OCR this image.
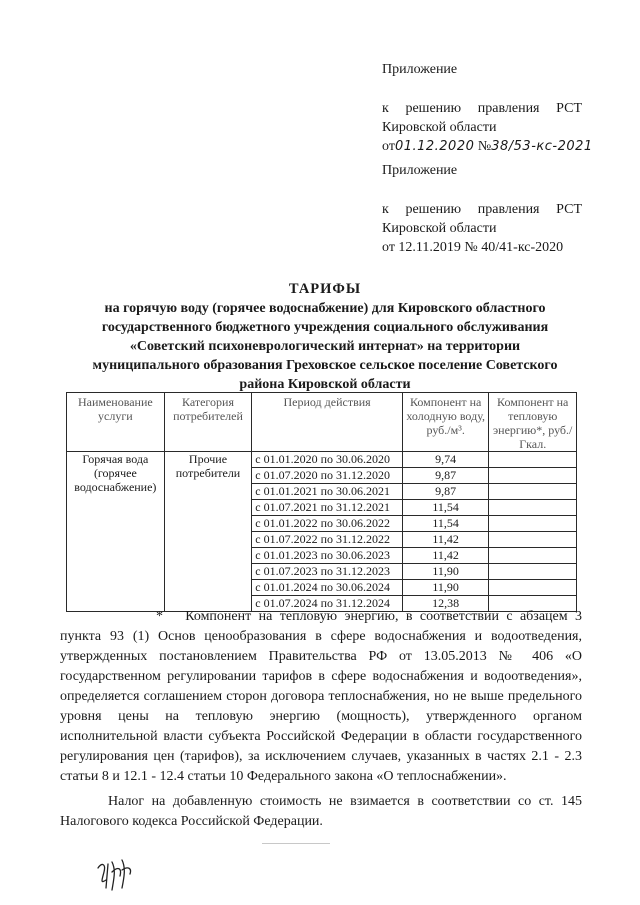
Приложение
к решению правления РСТ
Кировской области
от01.12.2020 №38/53-кс-2021
Приложение
к решению правления РСТ
Кировской области
от 12.11.2019 № 40/41-кс-2020
ТАРИФЫ
на горячую воду (горячее водоснабжение) для Кировского областного
государственного бюджетного учреждения социального обслуживания
«Советский психоневрологический интернат» на территории
муниципального образования Греховское сельское поселение Советского
района Кировской области
Наименование услуги	Категория потребителей	Период действия	Компонент на холодную воду, руб./м³.	Компонент на тепловую энергию*, руб./Гкал.
Горячая вода (горячее водоснабжение)	Прочие потребители	с 01.01.2020 по 30.06.2020	9,74	
		с 01.07.2020 по 31.12.2020	9,87	
		с 01.01.2021 по 30.06.2021	9,87	
		с 01.07.2021 по 31.12.2021	11,54	
		с 01.01.2022 по 30.06.2022	11,54	
		с 01.07.2022 по 31.12.2022	11,42	
		с 01.01.2023 по 30.06.2023	11,42	
		с 01.07.2023 по 31.12.2023	11,90	
		с 01.01.2024 по 30.06.2024	11,90	
		с 01.07.2024 по 31.12.2024	12,38	

* Компонент на тепловую энергию, в соответствии с абзацем 3 пункта 93 (1) Основ ценообразования в сфере водоснабжения и водоотведения, утвержденных постановлением Правительства РФ от 13.05.2013 № 406 «О государственном регулировании тарифов в сфере водоснабжения и водоотведения», определяется соглашением сторон договора теплоснабжения, но не выше предельного уровня цены на тепловую энергию (мощность), утвержденного органом исполнительной власти субъекта Российской Федерации в области государственного регулирования цен (тарифов), за исключением случаев, указанных в частях 2.1 - 2.3 статьи 8 и 12.1 - 12.4 статьи 10 Федерального закона «О теплоснабжении».

Налог на добавленную стоимость не взимается в соответствии со ст. 145 Налогового кодекса Российской Федерации.
